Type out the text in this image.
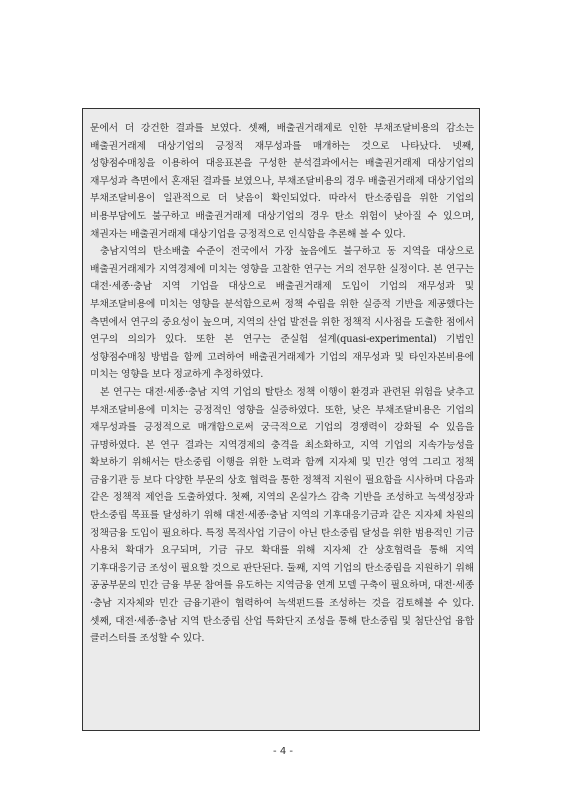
문에서 더 강건한 결과를 보였다. 셋째, 배출권거래제로 인한 부채조달비용의 감소는 배출권거래제 대상기업의 긍정적 재무성과를 매개하는 것으로 나타났다. 넷째, 성향점수매칭을 이용하여 대응표본을 구성한 분석결과에서는 배출권거래제 대상기업의 재무성과 측면에서 혼재된 결과를 보였으나, 부채조달비용의 경우 배출권거래제 대상기업의 부채조달비용이 일관적으로 더 낮음이 확인되었다. 따라서 탄소중립을 위한 기업의 비용부담에도 불구하고 배출권거래제 대상기업의 경우 탄소 위험이 낮아질 수 있으며, 채권자는 배출권거래제 대상기업을 긍정적으로 인식함을 추론해 볼 수 있다.

충남지역의 탄소배출 수준이 전국에서 가장 높음에도 불구하고 동 지역을 대상으로 배출권거래제가 지역경제에 미치는 영향을 고찰한 연구는 거의 전무한 실정이다. 본 연구는 대전·세종·충남 지역 기업을 대상으로 배출권거래제 도입이 기업의 재무성과 및 부채조달비용에 미치는 영향을 분석함으로써 정책 수립을 위한 실증적 기반을 제공했다는 측면에서 연구의 중요성이 높으며, 지역의 산업 발전을 위한 정책적 시사점을 도출한 점에서 연구의 의의가 있다. 또한 본 연구는 준실험 설계(quasi-experimental) 기법인 성향점수매칭 방법을 함께 고려하여 배출권거래제가 기업의 재무성과 및 타인자본비용에 미치는 영향을 보다 정교하게 추정하였다.

본 연구는 대전·세종·충남 지역 기업의 탈탄소 정책 이행이 환경과 관련된 위험을 낮추고 부채조달비용에 미치는 긍정적인 영향을 실증하였다. 또한, 낮은 부채조달비용은 기업의 재무성과를 긍정적으로 매개함으로써 궁극적으로 기업의 경쟁력이 강화될 수 있음을 규명하였다. 본 연구 결과는 지역경제의 충격을 최소화하고, 지역 기업의 지속가능성을 확보하기 위해서는 탄소중립 이행을 위한 노력과 함께 지자체 및 민간 영역 그리고 정책 금융기관 등 보다 다양한 부문의 상호 협력을 통한 정책적 지원이 필요함을 시사하며 다음과 같은 정책적 제언을 도출하였다. 첫째, 지역의 온실가스 감축 기반을 조성하고 녹색성장과 탄소중립 목표를 달성하기 위해 대전·세종·충남 지역의 기후대응기금과 같은 지자체 차원의 정책금융 도입이 필요하다. 특정 목적사업 기금이 아닌 탄소중립 달성을 위한 범용적인 기금 사용처 확대가 요구되며, 기금 규모 확대를 위해 지자체 간 상호협력을 통해 지역 기후대응기금 조성이 필요할 것으로 판단된다. 둘째, 지역 기업의 탄소중립을 지원하기 위해 공공부문의 민간 금융 부문 참여를 유도하는 지역금융 연계 모델 구축이 필요하며, 대전·세종·충남 지자체와 민간 금융기관이 협력하여 녹색펀드를 조성하는 것을 검토해볼 수 있다. 셋째, 대전·세종·충남 지역 탄소중립 산업 특화단지 조성을 통해 탄소중립 및 첨단산업 융합 클러스터를 조성할 수 있다.

- 4 -
